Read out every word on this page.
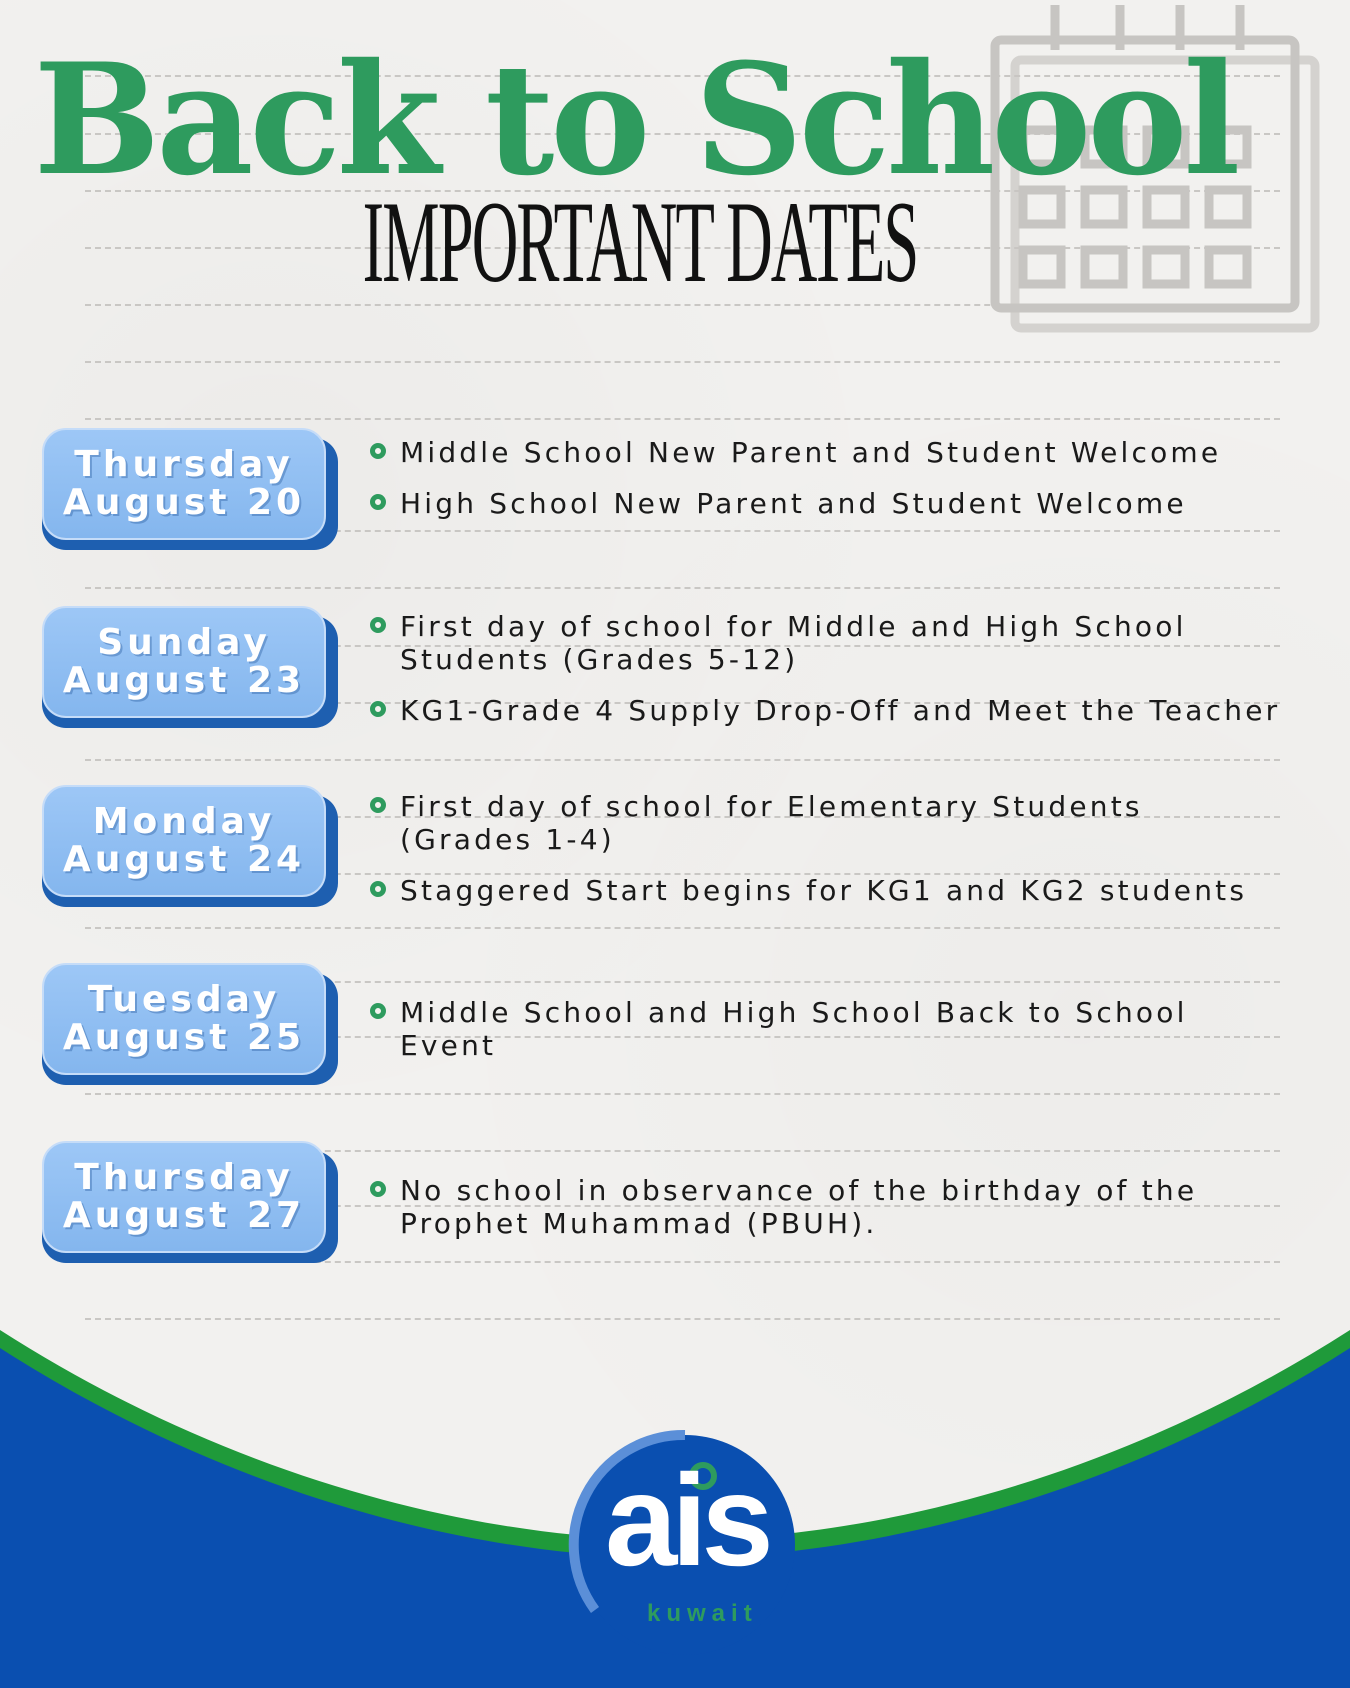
Back to School
IMPORTANT DATES
Thursday
August 20
Middle School New Parent and Student Welcome
High School New Parent and Student Welcome
Sunday
August 23
First day of school for Middle and High School Students (Grades 5-12)
KG1-Grade 4 Supply Drop-Off and Meet the Teacher
Monday
August 24
First day of school for Elementary Students (Grades 1-4)
Staggered Start begins for KG1 and KG2 students
Tuesday
August 25
Middle School and High School Back to School Event
Thursday
August 27
No school in observance of the birthday of the Prophet Muhammad (PBUH).
ais
kuwait
